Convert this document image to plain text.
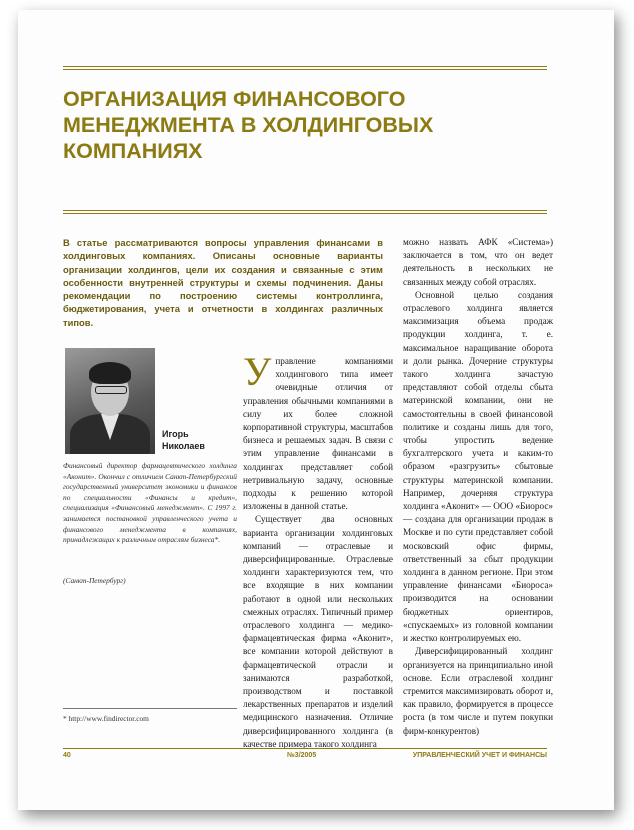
ОРГАНИЗАЦИЯ ФИНАНСОВОГО МЕНЕДЖМЕНТА В ХОЛДИНГОВЫХ КОМПАНИЯХ

В статье рассматриваются вопросы управления финансами в холдинговых компаниях. Описаны основные варианты организации холдингов, цели их создания и связанные с этим особенности внутренней структуры и схемы подчинения. Даны рекомендации по построению системы контроллинга, бюджетирования, учета и отчетности в холдингах различных типов.

Игорь
Николаев

Финансовый директор фармацевтического холдинга «Аконит». Окончил с отличием Санкт-Петербургский государственный университет экономики и финансов по специальности «Финансы и кредит», специализация «Финансовый менеджмент». С 1997 г. занимается постановкой управленческого учета и финансового менеджмента в компаниях, принадлежащих к различным отраслям бизнеса*.

(Санкт-Петербург)

* http://www.findirector.com

Управление компаниями холдингового типа имеет очевидные отличия от управления обычными компаниями в силу их более сложной корпоративной структуры, масштабов бизнеса и решаемых задач. В связи с этим управление финансами в холдингах представляет собой нетривиальную задачу, основные подходы к решению которой изложены в данной статье.

Существует два основных варианта организации холдинговых компаний — отраслевые и диверсифицированные. Отраслевые холдинги характеризуются тем, что все входящие в них компании работают в одной или нескольких смежных отраслях. Типичный пример отраслевого холдинга — медико-фармацевтическая фирма «Аконит», все компании которой действуют в фармацевтической отрасли и занимаются разработкой, производством и поставкой лекарственных препаратов и изделий медицинского назначения. Отличие диверсифицированного холдинга (в качестве примера такого холдинга

можно назвать АФК «Система») заключается в том, что он ведет деятельность в нескольких не связанных между собой отраслях.

Основной целью создания отраслевого холдинга является максимизация объема продаж продукции холдинга, т. е. максимальное наращивание оборота и доли рынка. Дочерние структуры такого холдинга зачастую представляют собой отделы сбыта материнской компании, они не самостоятельны в своей финансовой политике и созданы лишь для того, чтобы упростить ведение бухгалтерского учета и каким-то образом «разгрузить» сбытовые структуры материнской компании. Например, дочерняя структура холдинга «Аконит» — ООО «Биорос» — создана для организации продаж в Москве и по сути представляет собой московский офис фирмы, ответственный за сбыт продукции холдинга в данном регионе. При этом управление финансами «Биороса» производится на основании бюджетных ориентиров, «спускаемых» из головной компании и жестко контролируемых ею.

Диверсифицированный холдинг организуется на принципиально иной основе. Если отраслевой холдинг стремится максимизировать оборот и, как правило, формируется в процессе роста (в том числе и путем покупки фирм-конкурентов)

40	№3/2005	УПРАВЛЕНЧЕСКИЙ УЧЕТ И ФИНАНСЫ
